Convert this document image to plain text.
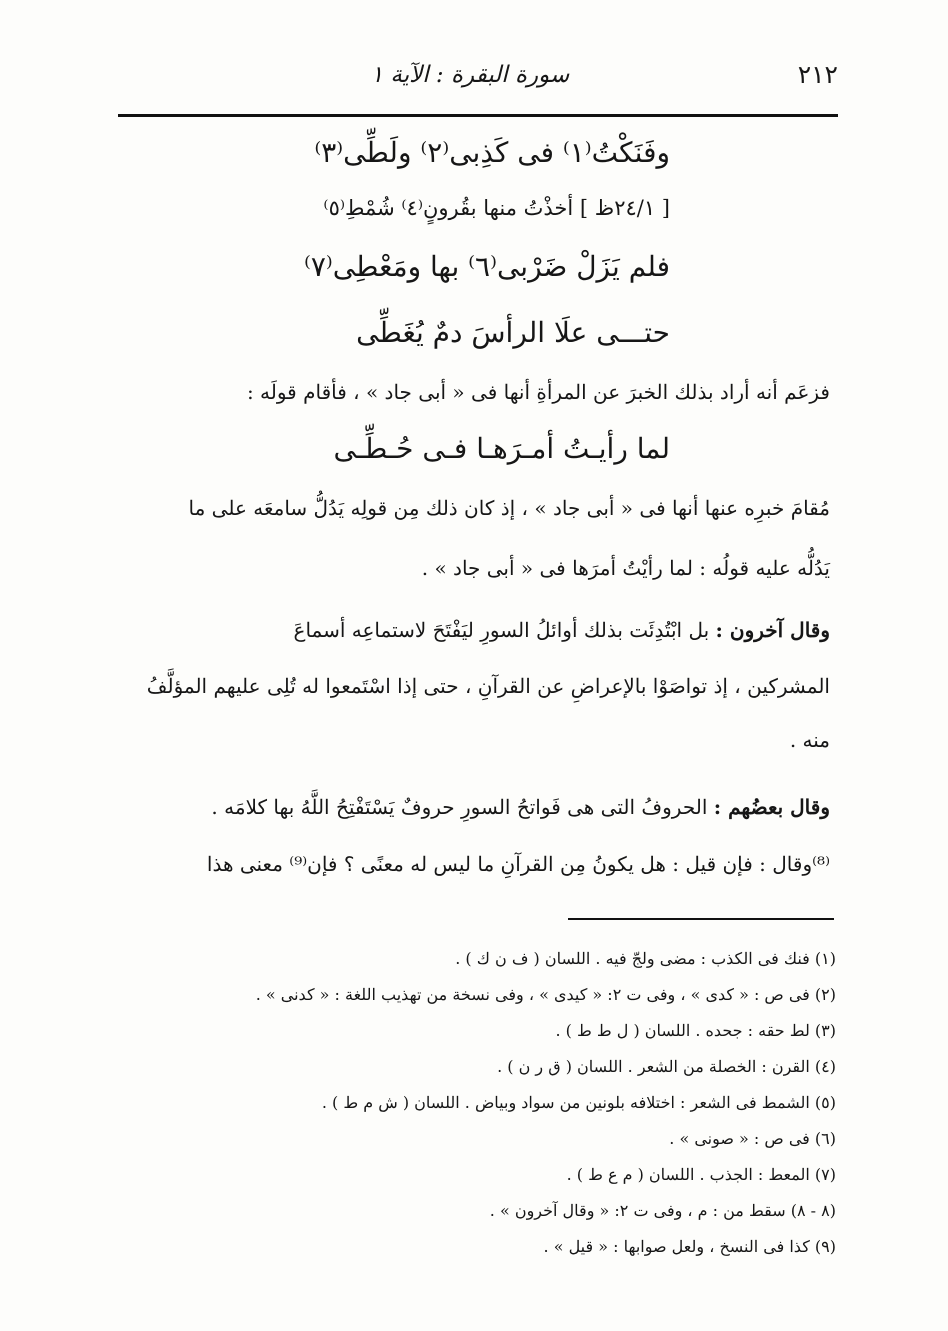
٢١٢
سورة البقرة : الآية ١
وفَنَكْتُ⁽١⁾ فى كَذِبى⁽٢⁾ ولَطِّى⁽٣⁾
[ ٢٤/١ظ ] أخذْتُ منها بقُرونٍ⁽٤⁾ شُمْطِ⁽٥⁾
فلم يَزَلْ ضَرْبى⁽٦⁾ بها ومَعْطِى⁽٧⁾
حتـــى علَا الرأسَ دمٌ يُغَطِّى
فزعَم أنه أراد بذلك الخبرَ عن المرأةِ أنها فى « أبى جاد » ، فأقام قولَه :
لما رأيـتُ أمـرَهـا فـى حُـطِّـى
مُقامَ خبرِه عنها أنها فى « أبى جاد » ، إذ كان ذلك مِن قولِه يَدُلُّ سامعَه على ما
يَدُلُّه عليه قولُه : لما رأيْتُ أمرَها فى « أبى جاد » .
وقال آخرون : بل ابْتُدِئَت بذلك أوائلُ السورِ ليَفْتَحَ لاستماعِه أسماعَ
المشركين ، إذ تواصَوْا بالإعراضِ عن القرآنِ ، حتى إذا اسْتَمعوا له تُلِى عليهم المؤلَّفُ
منه .
وقال بعضُهم : الحروفُ التى هى فَواتحُ السورِ حروفٌ يَسْتَفْتِحُ اللَّهُ بها كلامَه .
⁽⁸⁾وقال : فإن قيل : هل يكونُ مِن القرآنِ ما ليس له معنًى ؟ فإن⁽⁹⁾ معنى هذا
(١) فنك فى الكذب : مضى ولجّ فيه . اللسان ( ف ن ك ) .
(٢) فى ص : « كدى » ، وفى ت ٢: « كيدى » ، وفى نسخة من تهذيب اللغة : « كدنى » .
(٣) لط حقه : جحده . اللسان ( ل ط ط ) .
(٤) القرن : الخصلة من الشعر . اللسان ( ق ر ن ) .
(٥) الشمط فى الشعر : اختلافه بلونين من سواد وبياض . اللسان ( ش م ط ) .
(٦) فى ص : « صونى » .
(٧) المعط : الجذب . اللسان ( م ع ط ) .
(٨ - ٨) سقط من : م ، وفى ت ٢: « وقال آخرون » .
(٩) كذا فى النسخ ، ولعل صوابها : « قيل » .
